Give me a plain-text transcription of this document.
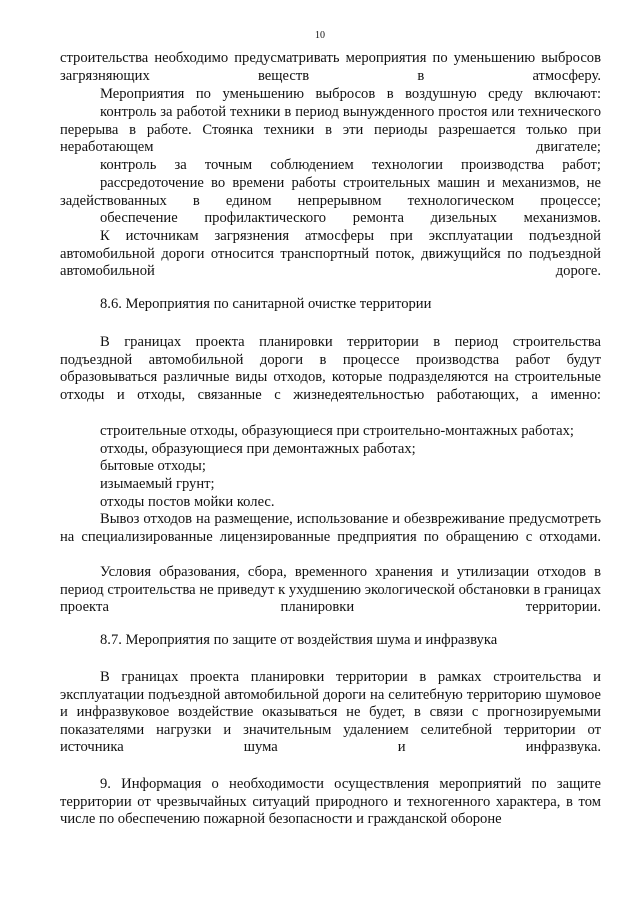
10

строительства необходимо предусматривать мероприятия по уменьшению выбросов загрязняющих веществ в атмосферу.

Мероприятия по уменьшению выбросов в воздушную среду включают:

контроль за работой техники в период вынужденного простоя или технического перерыва в работе. Стоянка техники в эти периоды разрешается только при неработающем двигателе;

контроль за точным соблюдением технологии производства работ;

рассредоточение во времени работы строительных машин и механизмов, не задействованных в едином непрерывном технологическом процессе;

обеспечение профилактического ремонта дизельных механизмов.

К источникам загрязнения атмосферы при эксплуатации подъездной автомобильной дороги относится транспортный поток, движущийся по подъездной автомобильной дороге.

8.6. Мероприятия по санитарной очистке территории

В границах проекта планировки территории в период строительства подъездной автомобильной дороги в процессе производства работ будут образовываться различные виды отходов, которые подразделяются на строительные отходы и отходы, связанные с жизнедеятельностью работающих, а именно:

строительные отходы, образующиеся при строительно-монтажных работах;

отходы, образующиеся при демонтажных работах;

бытовые отходы;

изымаемый грунт;

отходы постов мойки колес.

Вывоз отходов на размещение, использование и обезвреживание предусмотреть на специализированные лицензированные предприятия по обращению с отходами.

Условия образования, сбора, временного хранения и утилизации отходов в период строительства не приведут к ухудшению экологической обстановки в границах проекта планировки территории.

8.7. Мероприятия по защите от воздействия шума и инфразвука

В границах проекта планировки территории в рамках строительства и эксплуатации подъездной автомобильной дороги на селитебную территорию шумовое и инфразвуковое воздействие оказываться не будет, в связи с прогнозируемыми показателями нагрузки и значительным удалением селитебной территории от источника шума и инфразвука.

9. Информация о необходимости осуществления мероприятий по защите территории от чрезвычайных ситуаций природного и техногенного характера, в том числе по обеспечению пожарной безопасности и гражданской обороне
